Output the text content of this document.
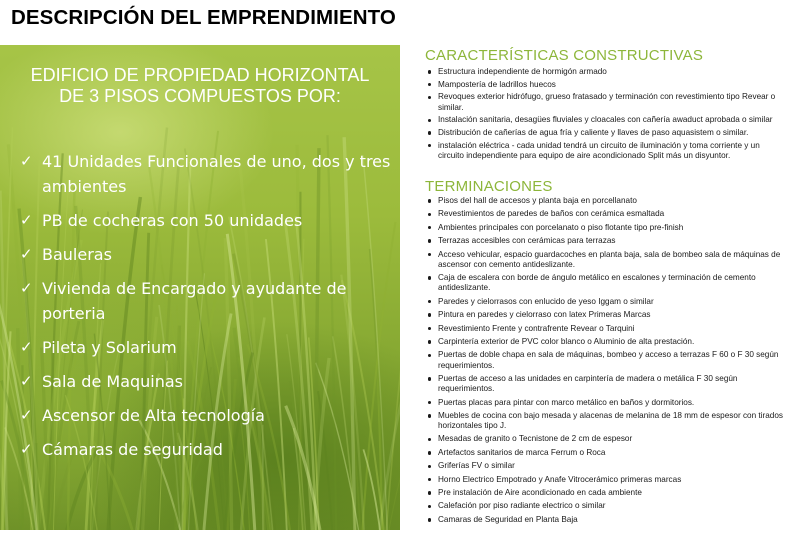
DESCRIPCIÓN DEL EMPRENDIMIENTO
EDIFICIO DE PROPIEDAD HORIZONTAL
DE 3 PISOS COMPUESTOS POR:
✓ 41 Unidades Funcionales de uno, dos y tres ambientes
✓ PB de cocheras con 50 unidades
✓ Bauleras
✓ Vivienda de Encargado y ayudante de porteria
✓ Pileta y Solarium
✓ Sala de Maquinas
✓ Ascensor de Alta tecnología
✓ Cámaras de seguridad
CARACTERÍSTICAS CONSTRUCTIVAS
Estructura independiente de hormigón armado
Mampostería de ladrillos huecos
Revoques exterior hidrófugo, grueso fratasado y terminación con revestimiento tipo Revear o similar.
Instalación sanitaria, desagües fluviales y cloacales con cañería awaduct aprobada o similar
Distribución de cañerías de agua fría y caliente y llaves de paso aquasistem o similar.
instalación eléctrica - cada unidad tendrá un circuito de iluminación y toma corriente y un circuito independiente para equipo de aire acondicionado Split más un disyuntor.
TERMINACIONES
Pisos del hall de accesos y planta baja en porcellanato
Revestimientos de paredes de baños con cerámica esmaltada
Ambientes principales con porcelanato o piso flotante tipo pre-finish
Terrazas accesibles con cerámicas para terrazas
Acceso vehicular, espacio guardacoches en planta baja, sala de bombeo sala de máquinas de ascensor con cemento antideslizante.
Caja de escalera con borde de ángulo metálico en escalones y terminación de cemento antideslizante.
Paredes y cielorrasos con enlucido de yeso Iggam o similar
Pintura en paredes y cielorraso con latex Primeras Marcas
Revestimiento Frente y contrafrente Revear o Tarquini
Carpintería exterior de PVC color blanco o Aluminio de alta prestación.
Puertas de doble chapa en sala de máquinas, bombeo y acceso a terrazas F 60 o F 30 según requerimientos.
Puertas de acceso a las unidades en carpintería de madera o metálica F 30 según requerimientos.
Puertas placas para pintar con marco metálico en baños y dormitorios.
Muebles de cocina con bajo mesada y alacenas de melanina de 18 mm de espesor con tirados horizontales tipo J.
Mesadas de granito o Tecnistone de 2 cm de espesor
Artefactos sanitarios de marca Ferrum o Roca
Griferías FV o similar
Horno Electrico Empotrado y Anafe Vitrocerámico primeras marcas
Pre instalación de Aire acondicionado en cada ambiente
Calefación por piso radiante electrico o similar
Camaras de Seguridad en Planta Baja
